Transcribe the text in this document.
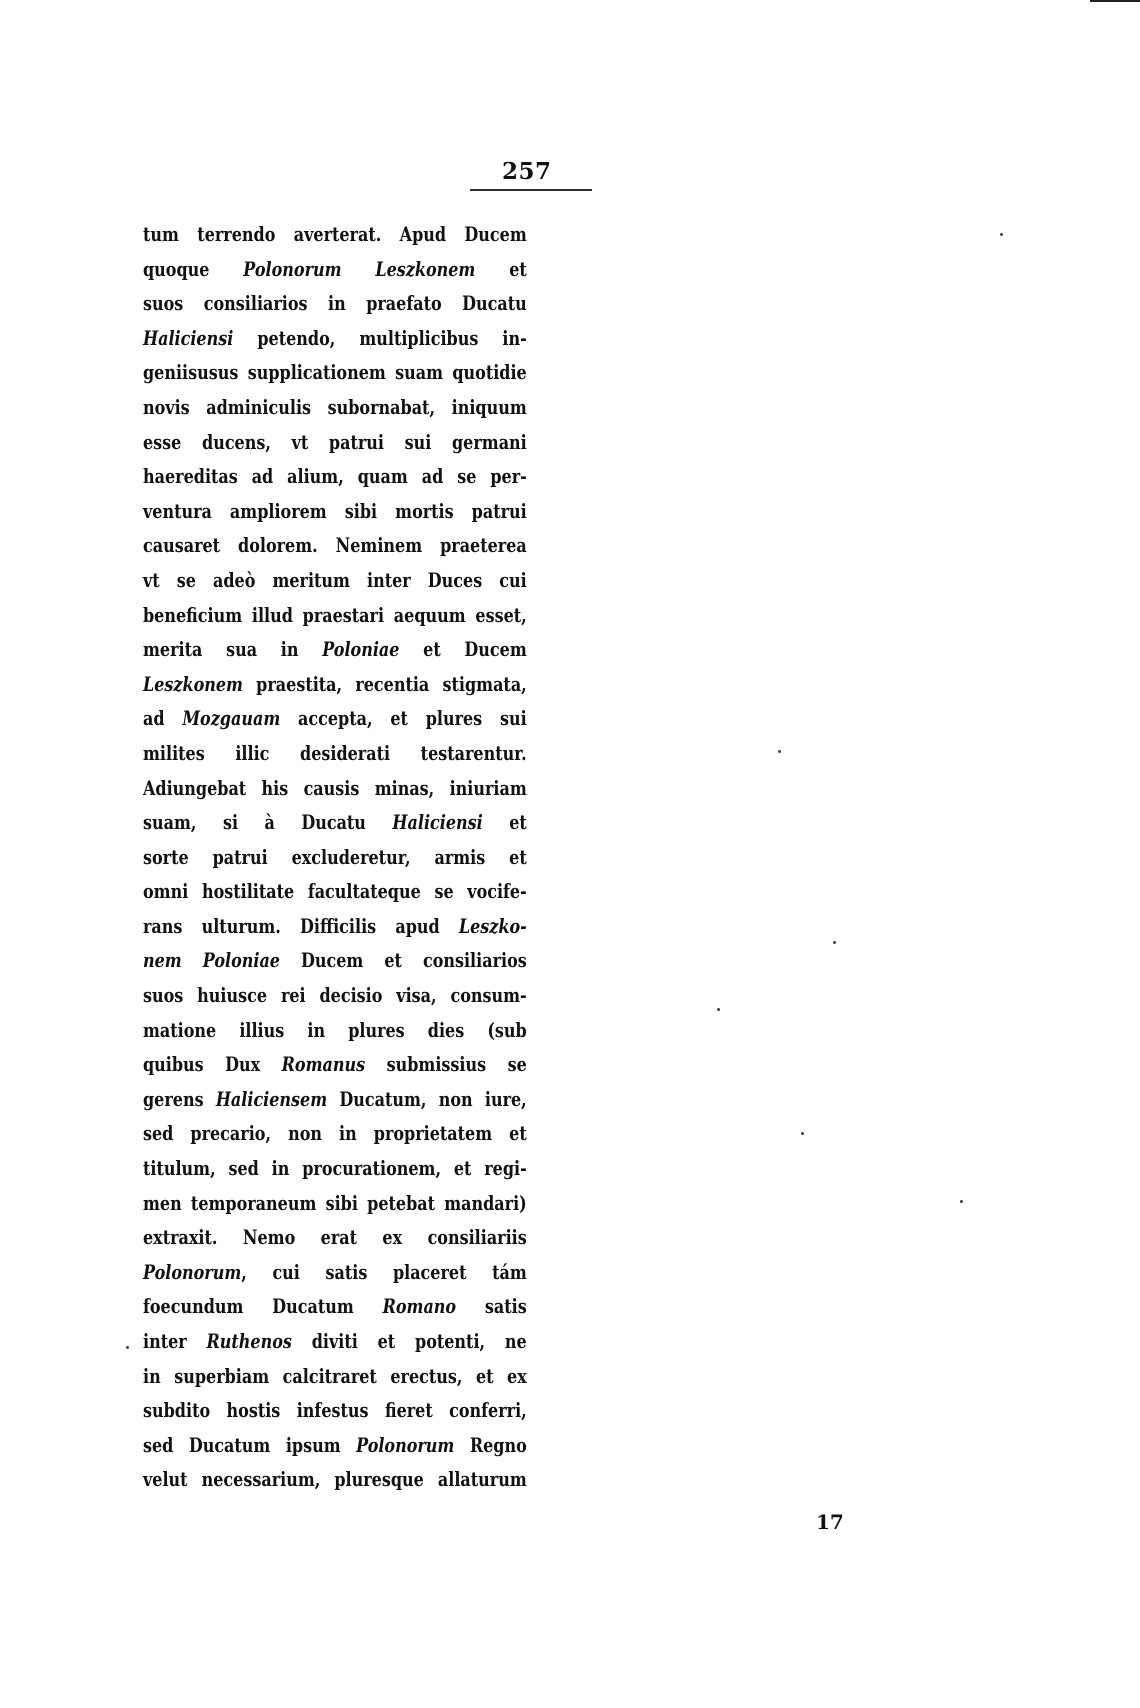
257
tum terrendo averterat. Apud Ducem
quoque Polonorum Leszkonem et
suos consiliarios in praefato Ducatu
Haliciensi petendo, multiplicibus in-
geniisusus supplicationem suam quotidie
novis adminiculis subornabat, iniquum
esse ducens, vt patrui sui germani
haereditas ad alium, quam ad se per-
ventura ampliorem sibi mortis patrui
causaret dolorem. Neminem praeterea
vt se adeò meritum inter Duces cui
beneficium illud praestari aequum esset,
merita sua in Poloniae et Ducem
Leszkonem praestita, recentia stigmata,
ad Mozgauam accepta, et plures sui
milites illic desiderati testarentur.
Adiungebat his causis minas, iniuriam
suam, si à Ducatu Haliciensi et
sorte patrui excluderetur, armis et
omni hostilitate facultateque se vocife-
rans ulturum. Difficilis apud Leszko-
nem Poloniae Ducem et consiliarios
suos huiusce rei decisio visa, consum-
matione illius in plures dies (sub
quibus Dux Romanus submissius se
gerens Haliciensem Ducatum, non iure,
sed precario, non in proprietatem et
titulum, sed in procurationem, et regi-
men temporaneum sibi petebat mandari)
extraxit. Nemo erat ex consiliariis
Polonorum, cui satis placeret tám
foecundum Ducatum Romano satis
inter Ruthenos diviti et potenti, ne
in superbiam calcitraret erectus, et ex
subdito hostis infestus fieret conferri,
sed Ducatum ipsum Polonorum Regno
velut necessarium, pluresque allaturum
17
